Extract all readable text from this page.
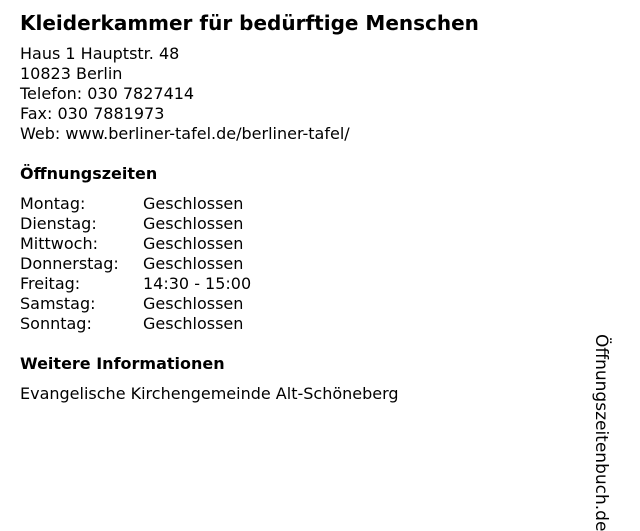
Kleiderkammer für bedürftige Menschen
Haus 1 Hauptstr. 48
10823 Berlin
Telefon: 030 7827414
Fax: 030 7881973
Web: www.berliner-tafel.de/berliner-tafel/
Öffnungszeiten
Montag:	Geschlossen
Dienstag:	Geschlossen
Mittwoch:	Geschlossen
Donnerstag:	Geschlossen
Freitag:	14:30 - 15:00
Samstag:	Geschlossen
Sonntag:	Geschlossen
Weitere Informationen
Evangelische Kirchengemeinde Alt-Schöneberg	Öffnungszeitenbuch.de
